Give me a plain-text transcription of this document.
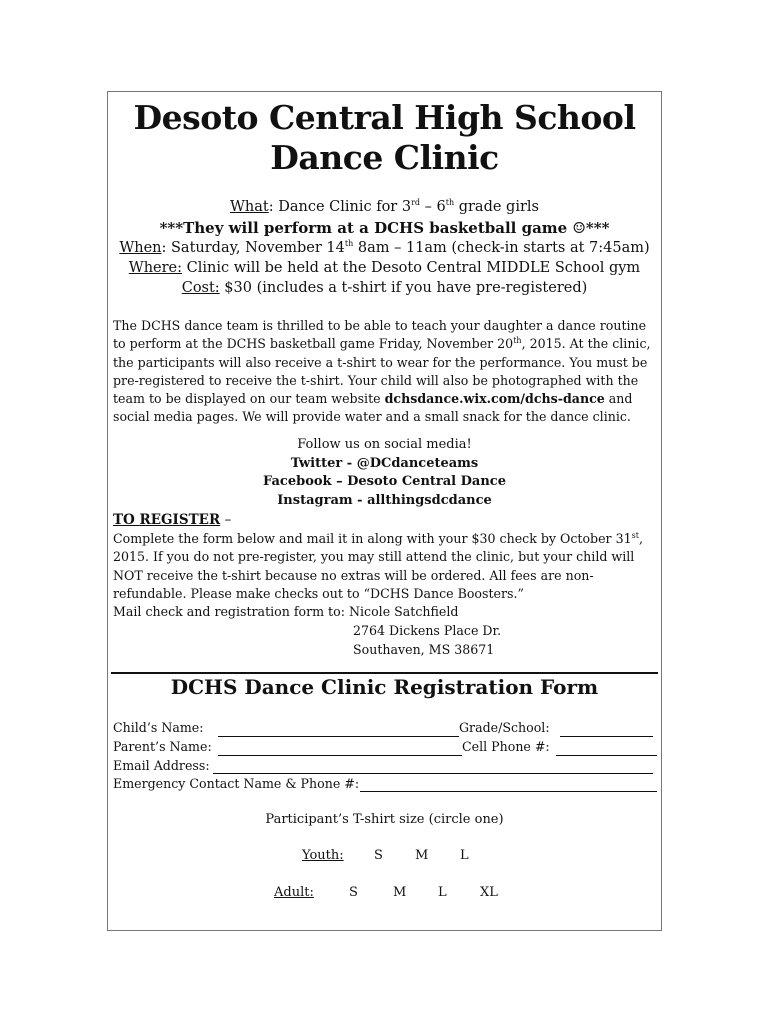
Desoto Central High School
Dance Clinic
What: Dance Clinic for 3rd – 6th grade girls
***They will perform at a DCHS basketball game ☺***
When: Saturday, November 14th 8am – 11am (check-in starts at 7:45am)
Where: Clinic will be held at the Desoto Central MIDDLE School gym
Cost: $30 (includes a t-shirt if you have pre-registered)
The DCHS dance team is thrilled to be able to teach your daughter a dance routine to perform at the DCHS basketball game Friday, November 20th, 2015. At the clinic, the participants will also receive a t-shirt to wear for the performance. You must be pre-registered to receive the t-shirt. Your child will also be photographed with the team to be displayed on our team website dchsdance.wix.com/dchs-dance and social media pages. We will provide water and a small snack for the dance clinic.
Follow us on social media!
Twitter - @DCdanceteams
Facebook – Desoto Central Dance
Instagram - allthingsdcdance
TO REGISTER –
Complete the form below and mail it in along with your $30 check by October 31st, 2015. If you do not pre-register, you may still attend the clinic, but your child will NOT receive the t-shirt because no extras will be ordered. All fees are non-refundable. Please make checks out to “DCHS Dance Boosters.”
Mail check and registration form to: Nicole Satchfield
2764 Dickens Place Dr.
Southaven, MS 38671
DCHS Dance Clinic Registration Form
Child’s Name:	Grade/School:
Parent’s Name:	Cell Phone #:
Email Address:
Emergency Contact Name & Phone #:
Participant’s T-shirt size (circle one)
Youth: S M L
Adult:	S	M L	XL
